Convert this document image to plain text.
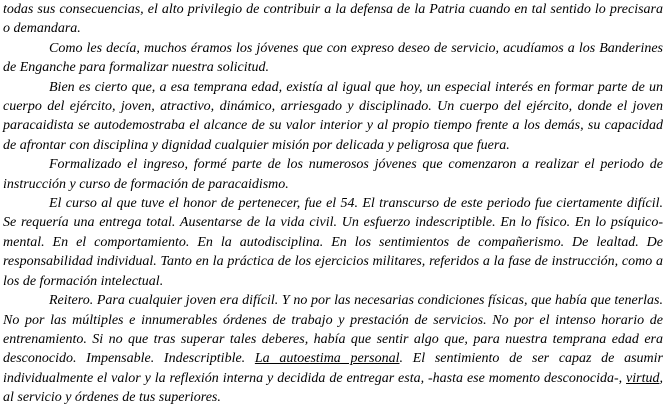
todas sus consecuencias, el alto privilegio de contribuir a la defensa de la Patria cuando en tal sentido lo precisara o demandara.

Como les decía, muchos éramos los jóvenes que con expreso deseo de servicio, acudíamos a los Banderines de Enganche para formalizar nuestra solicitud.

Bien es cierto que, a esa temprana edad, existía al igual que hoy, un especial interés en formar parte de un cuerpo del ejército, joven, atractivo, dinámico, arriesgado y disciplinado. Un cuerpo del ejército, donde el joven paracaidista se autodemostraba el alcance de su valor interior y al propio tiempo frente a los demás, su capacidad de afrontar con disciplina y dignidad cualquier misión por delicada y peligrosa que fuera.

Formalizado el ingreso, formé parte de los numerosos jóvenes que comenzaron a realizar el periodo de instrucción y curso de formación de paracaidismo.

El curso al que tuve el honor de pertenecer, fue el 54. El transcurso de este periodo fue ciertamente difícil. Se requería una entrega total. Ausentarse de la vida civil. Un esfuerzo indescriptible. En lo físico. En lo psíquico-mental. En el comportamiento. En la autodisciplina. En los sentimientos de compañerismo. De lealtad. De responsabilidad individual. Tanto en la práctica de los ejercicios militares, referidos a la fase de instrucción, como a los de formación intelectual.

Reitero. Para cualquier joven era difícil. Y no por las necesarias condiciones físicas, que había que tenerlas. No por las múltiples e innumerables órdenes de trabajo y prestación de servicios. No por el intenso horario de entrenamiento. Si no que tras superar tales deberes, había que sentir algo que, para nuestra temprana edad era desconocido. Impensable. Indescriptible. La autoestima personal. El sentimiento de ser capaz de asumir individualmente el valor y la reflexión interna y decidida de entregar esta, -hasta ese momento desconocida-, virtud, al servicio y órdenes de tus superiores.
